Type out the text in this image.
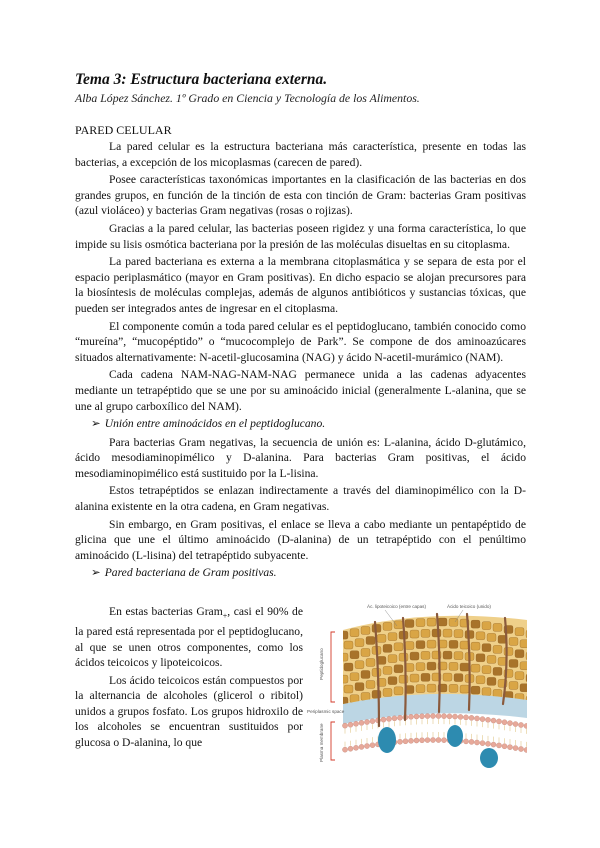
Tema 3: Estructura bacteriana externa.
Alba López Sánchez. 1º Grado en Ciencia y Tecnología de los Alimentos.
PARED CELULAR

La pared celular es la estructura bacteriana más característica, presente en todas las bacterias, a excepción de los micoplasmas (carecen de pared).

Posee características taxonómicas importantes en la clasificación de las bacterias en dos grandes grupos, en función de la tinción de esta con tinción de Gram: bacterias Gram positivas (azul violáceo) y bacterias Gram negativas (rosas o rojizas).

Gracias a la pared celular, las bacterias poseen rigidez y una forma característica, lo que impide su lisis osmótica bacteriana por la presión de las moléculas disueltas en su citoplasma.

La pared bacteriana es externa a la membrana citoplasmática y se separa de esta por el espacio periplasmático (mayor en Gram positivas). En dicho espacio se alojan precursores para la biosíntesis de moléculas complejas, además de algunos antibióticos y sustancias tóxicas, que pueden ser integrados antes de ingresar en el citoplasma.

El componente común a toda pared celular es el peptidoglucano, también conocido como “mureína”, “mucopéptido” o “mucocomplejo de Park”. Se compone de dos aminoazúcares situados alternativamente: N-acetil-glucosamina (NAG) y ácido N-acetil-murámico (NAM).

Cada cadena NAM-NAG-NAM-NAG permanece unida a las cadenas adyacentes mediante un tetrapéptido que se une por su aminoácido inicial (generalmente L-alanina, que se une al grupo carboxílico del NAM).

➢ Unión entre aminoácidos en el peptidoglucano.

Para bacterias Gram negativas, la secuencia de unión es: L-alanina, ácido D-glutámico, ácido mesodiaminopimélico y D-alanina. Para bacterias Gram positivas, el ácido mesodiaminopimélico está sustituido por la L-lisina.

Estos tetrapéptidos se enlazan indirectamente a través del diaminopimélico con la D-alanina existente en la otra cadena, en Gram negativas.

Sin embargo, en Gram positivas, el enlace se lleva a cabo mediante un pentapéptido de glicina que une el último aminoácido (D-alanina) de un tetrapéptido con el penúltimo aminoácido (L-lisina) del tetrapéptido subyacente.

➢ Pared bacteriana de Gram positivas.

En estas bacterias Gram$_+$, casi el 90% de la pared está representada por el peptidoglucano, al que se unen otros componentes, como los ácidos teicoicos y lipoteicoicos.

Los ácido teicoicos están compuestos por la alternancia de alcoholes (glicerol o ribitol) unidos a grupos fosfato. Los grupos hidroxilo de los alcoholes se encuentran sustituidos por glucosa o D-alanina, lo que

Peptidoglucano
Periplasmic space
Plasma membrane
Ác. lipoteicoico (entre capas)	Ácido teicoico (unido)
